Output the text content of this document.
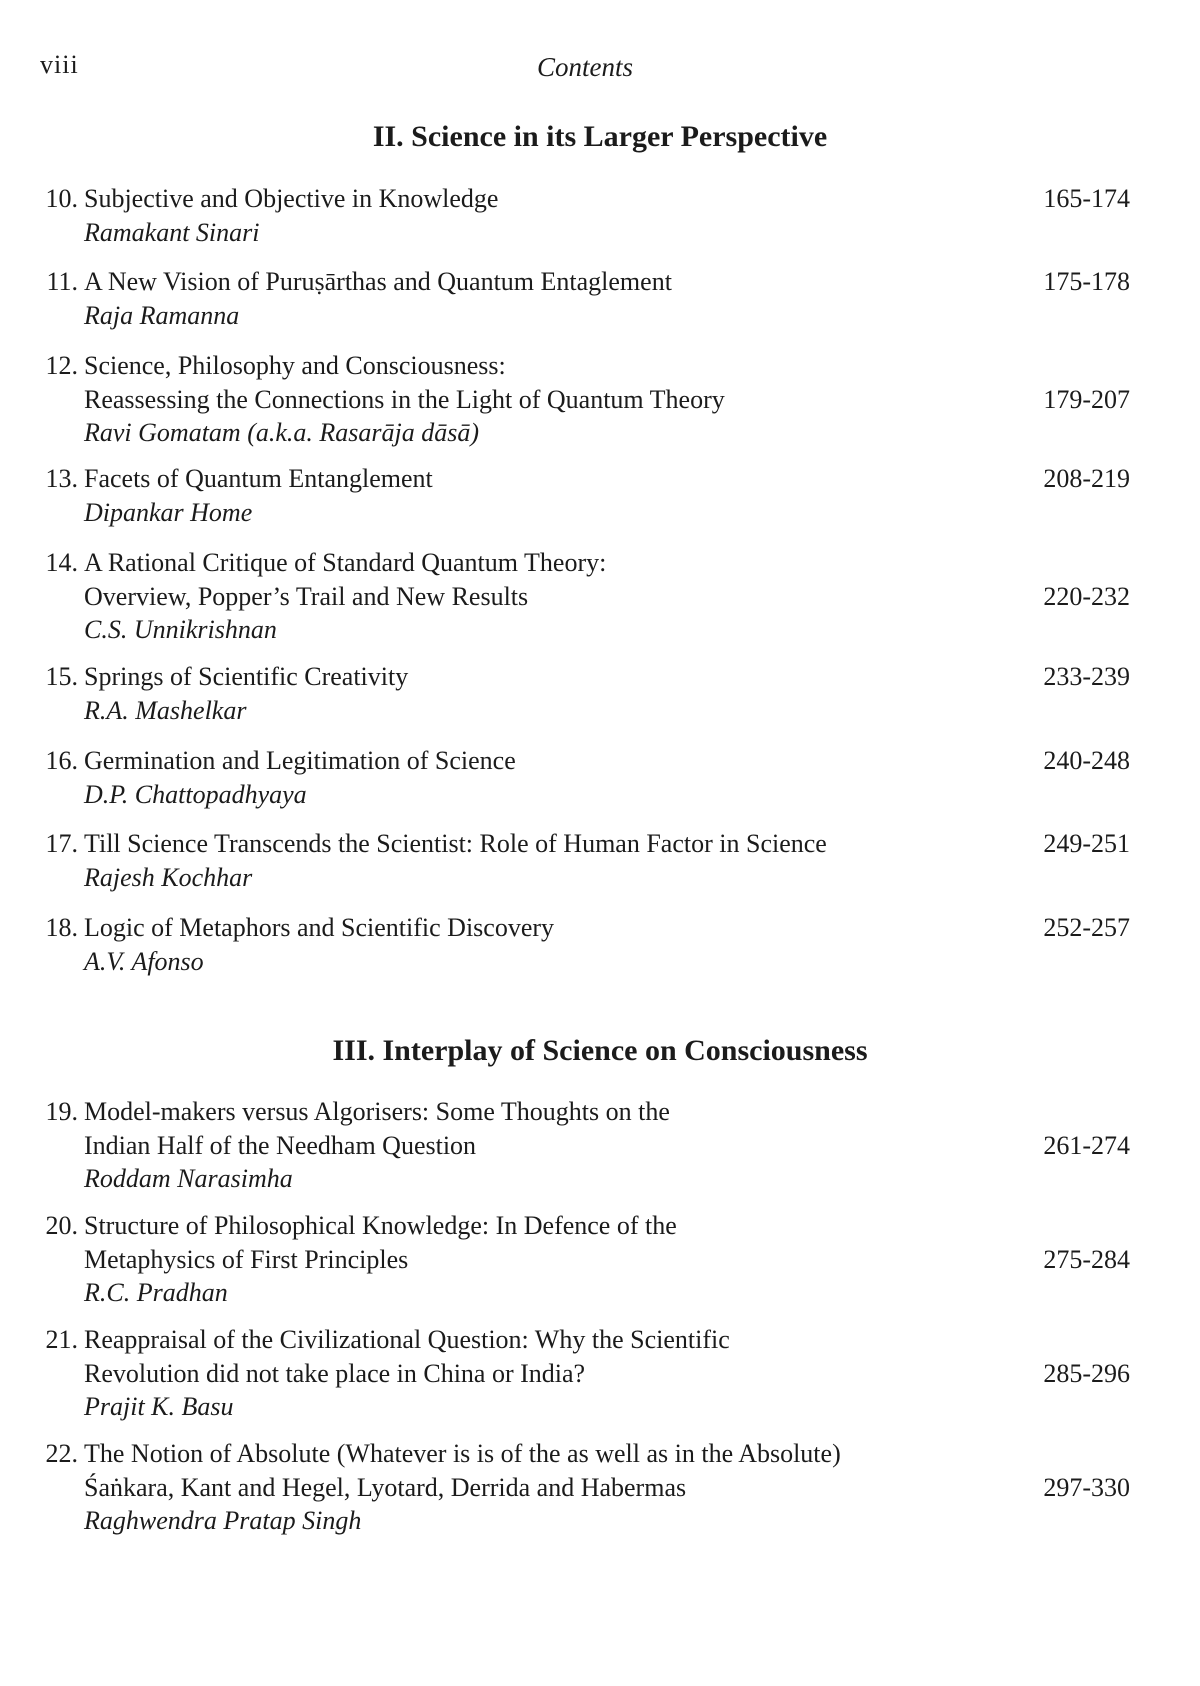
viii	Contents
II. Science in its Larger Perspective
III. Interplay of Science on Consciousness
10. Subjective and Objective in Knowledge	165-174
Ramakant Sinari
11. A New Vision of Puruṣārthas and Quantum Entaglement	175-178
Raja Ramanna
12. Science, Philosophy and Consciousness:
Reassessing the Connections in the Light of Quantum Theory	179-207
Ravi Gomatam (a.k.a. Rasarāja dāsā)
13. Facets of Quantum Entanglement	208-219
Dipankar Home
14. A Rational Critique of Standard Quantum Theory:
Overview, Popper’s Trail and New Results	220-232
C.S. Unnikrishnan
15. Springs of Scientific Creativity	233-239
R.A. Mashelkar
16. Germination and Legitimation of Science	240-248
D.P. Chattopadhyaya
17. Till Science Transcends the Scientist: Role of Human Factor in Science	249-251
Rajesh Kochhar
18. Logic of Metaphors and Scientific Discovery	252-257
A.V. Afonso
19. Model-makers versus Algorisers: Some Thoughts on the
Indian Half of the Needham Question	261-274
Roddam Narasimha
20. Structure of Philosophical Knowledge: In Defence of the
Metaphysics of First Principles	275-284
R.C. Pradhan
21. Reappraisal of the Civilizational Question: Why the Scientific
Revolution did not take place in China or India?	285-296
Prajit K. Basu
22. The Notion of Absolute (Whatever is is of the as well as in the Absolute)
Śaṅkara, Kant and Hegel, Lyotard, Derrida and Habermas	297-330
Raghwendra Pratap Singh
